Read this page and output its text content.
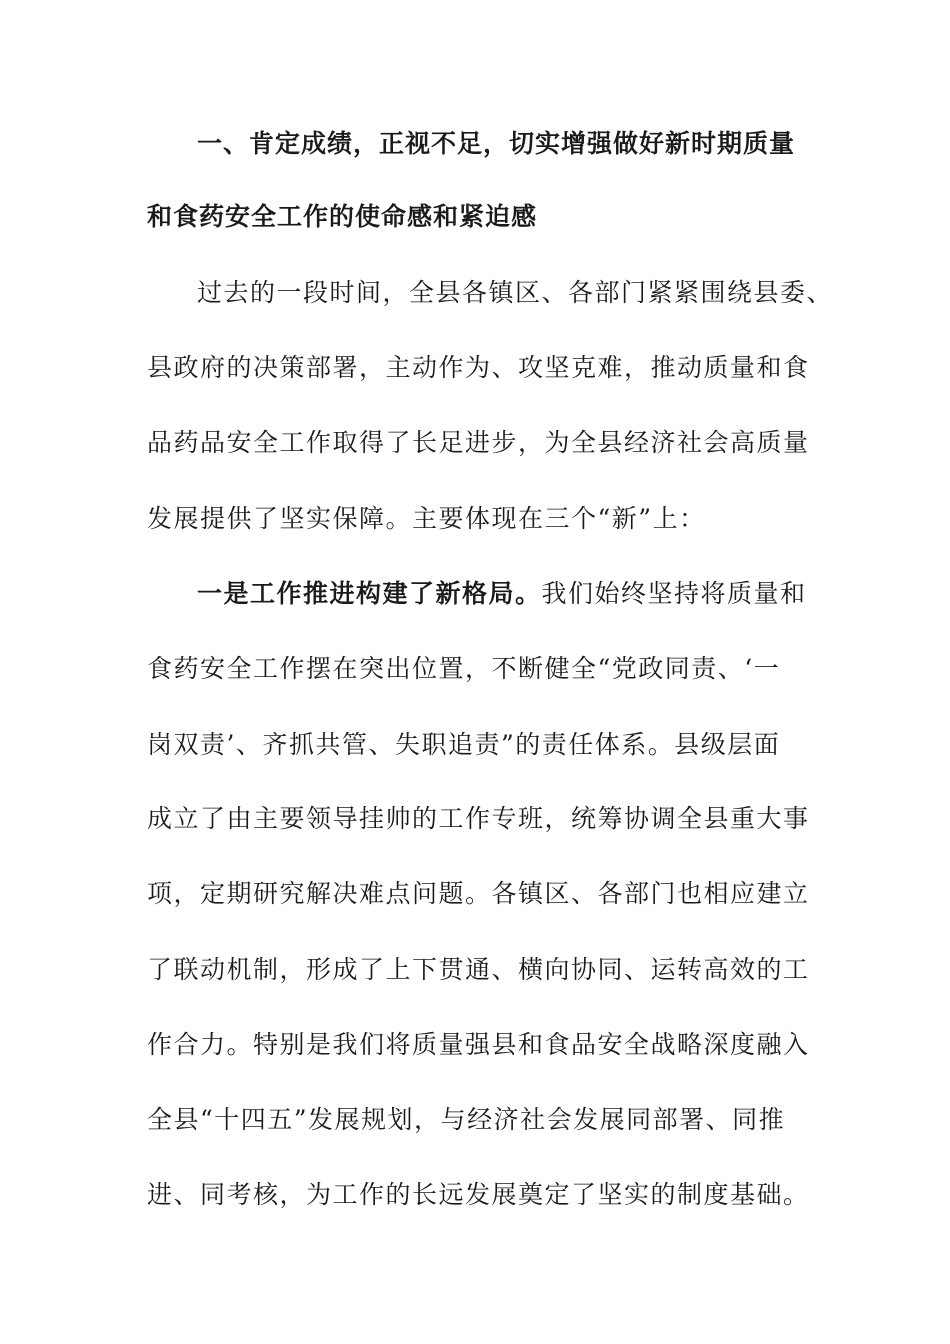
一、肯定成绩，正视不足，切实增强做好新时期质量
和食药安全工作的使命感和紧迫感
过去的一段时间，全县各镇区、各部门紧紧围绕县委、
县政府的决策部署，主动作为、攻坚克难，推动质量和食
品药品安全工作取得了长足进步，为全县经济社会高质量
发展提供了坚实保障。主要体现在三个“新”上：
一是工作推进构建了新格局。我们始终坚持将质量和
食药安全工作摆在突出位置，不断健全“党政同责、‘一
岗双责’、齐抓共管、失职追责”的责任体系。县级层面
成立了由主要领导挂帅的工作专班，统筹协调全县重大事
项，定期研究解决难点问题。各镇区、各部门也相应建立
了联动机制，形成了上下贯通、横向协同、运转高效的工
作合力。特别是我们将质量强县和食品安全战略深度融入
全县“十四五”发展规划，与经济社会发展同部署、同推
进、同考核，为工作的长远发展奠定了坚实的制度基础。
